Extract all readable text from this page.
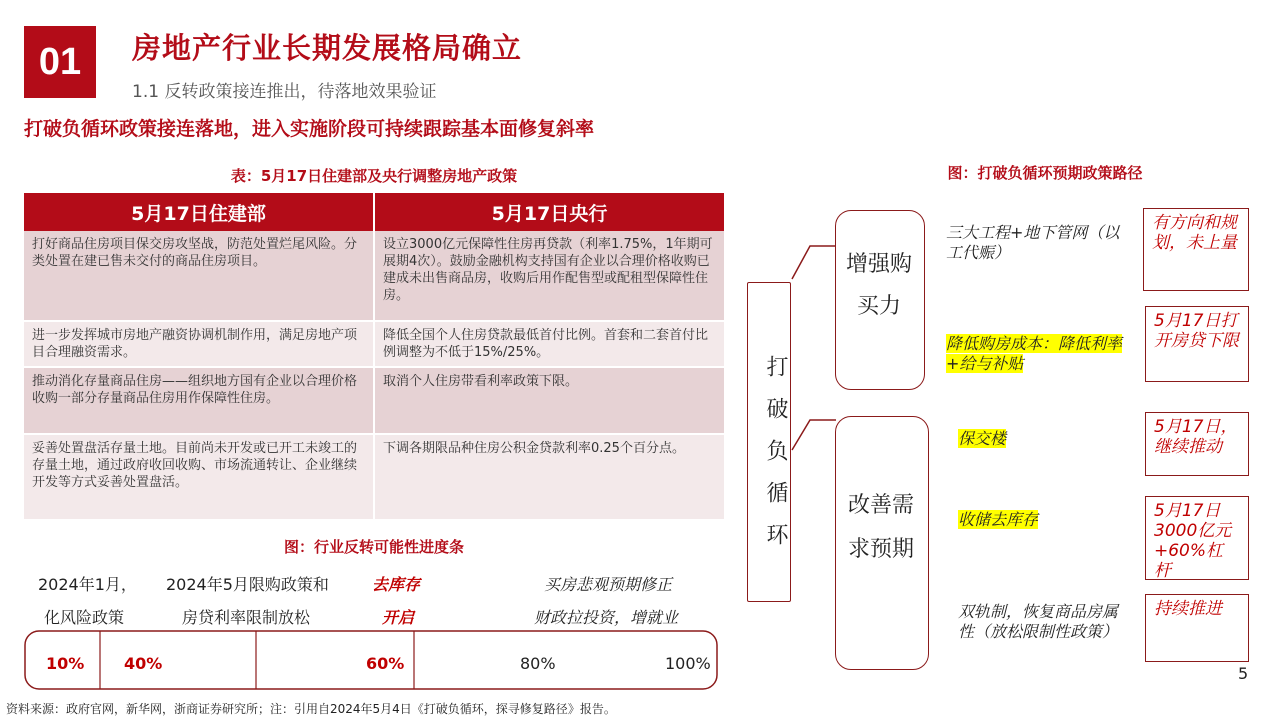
01	房地产行业长期发展格局确立
1.1 反转政策接连推出，待落地效果验证
打破负循环政策接连落地，进入实施阶段可持续跟踪基本面修复斜率
表：5月17日住建部及央行调整房地产政策
5月17日住建部	5月17日央行
打好商品住房项目保交房攻坚战，防范处置烂尾风险。分类处置在建已售未交付的商品住房项目。	设立3000亿元保障性住房再贷款（利率1.75%，1年期可展期4次）。鼓励金融机构支持国有企业以合理价格收购已建成未出售商品房，收购后用作配售型或配租型保障性住房。
进一步发挥城市房地产融资协调机制作用，满足房地产项目合理融资需求。	降低全国个人住房贷款最低首付比例。首套和二套首付比例调整为不低于15%/25%。
推动消化存量商品住房——组织地方国有企业以合理价格收购一部分存量商品住房用作保障性住房。	取消个人住房带看利率政策下限。
妥善处置盘活存量土地。目前尚未开发或已开工未竣工的存量土地，通过政府收回收购、市场流通转让、企业继续开发等方式妥善处置盘活。	下调各期限品种住房公积金贷款利率0.25个百分点。
图：行业反转可能性进度条
2024年1月，
化风险政策
2024年5月限购政策和
房贷利率限制放松
去库存
开启
买房悲观预期修正
财政拉投资，增就业
10% 40%	60%	80%	100%
图：打破负循环预期政策路径
打破负循环
增强购买力
改善需求预期
三大工程+地下管网（以工代赈）
降低购房成本：降低利率+给与补贴
保交楼
收储去库存
双轨制，恢复商品房属性（放松限制性政策）
有方向和规划，未上量
5月17日打开房贷下限
5月17日，继续推动
5月17日3000亿元+60%杠杆
持续推进
5
资料来源：政府官网，新华网，浙商证券研究所；注：引用自2024年5月4日《打破负循环，探寻修复路径》报告。
